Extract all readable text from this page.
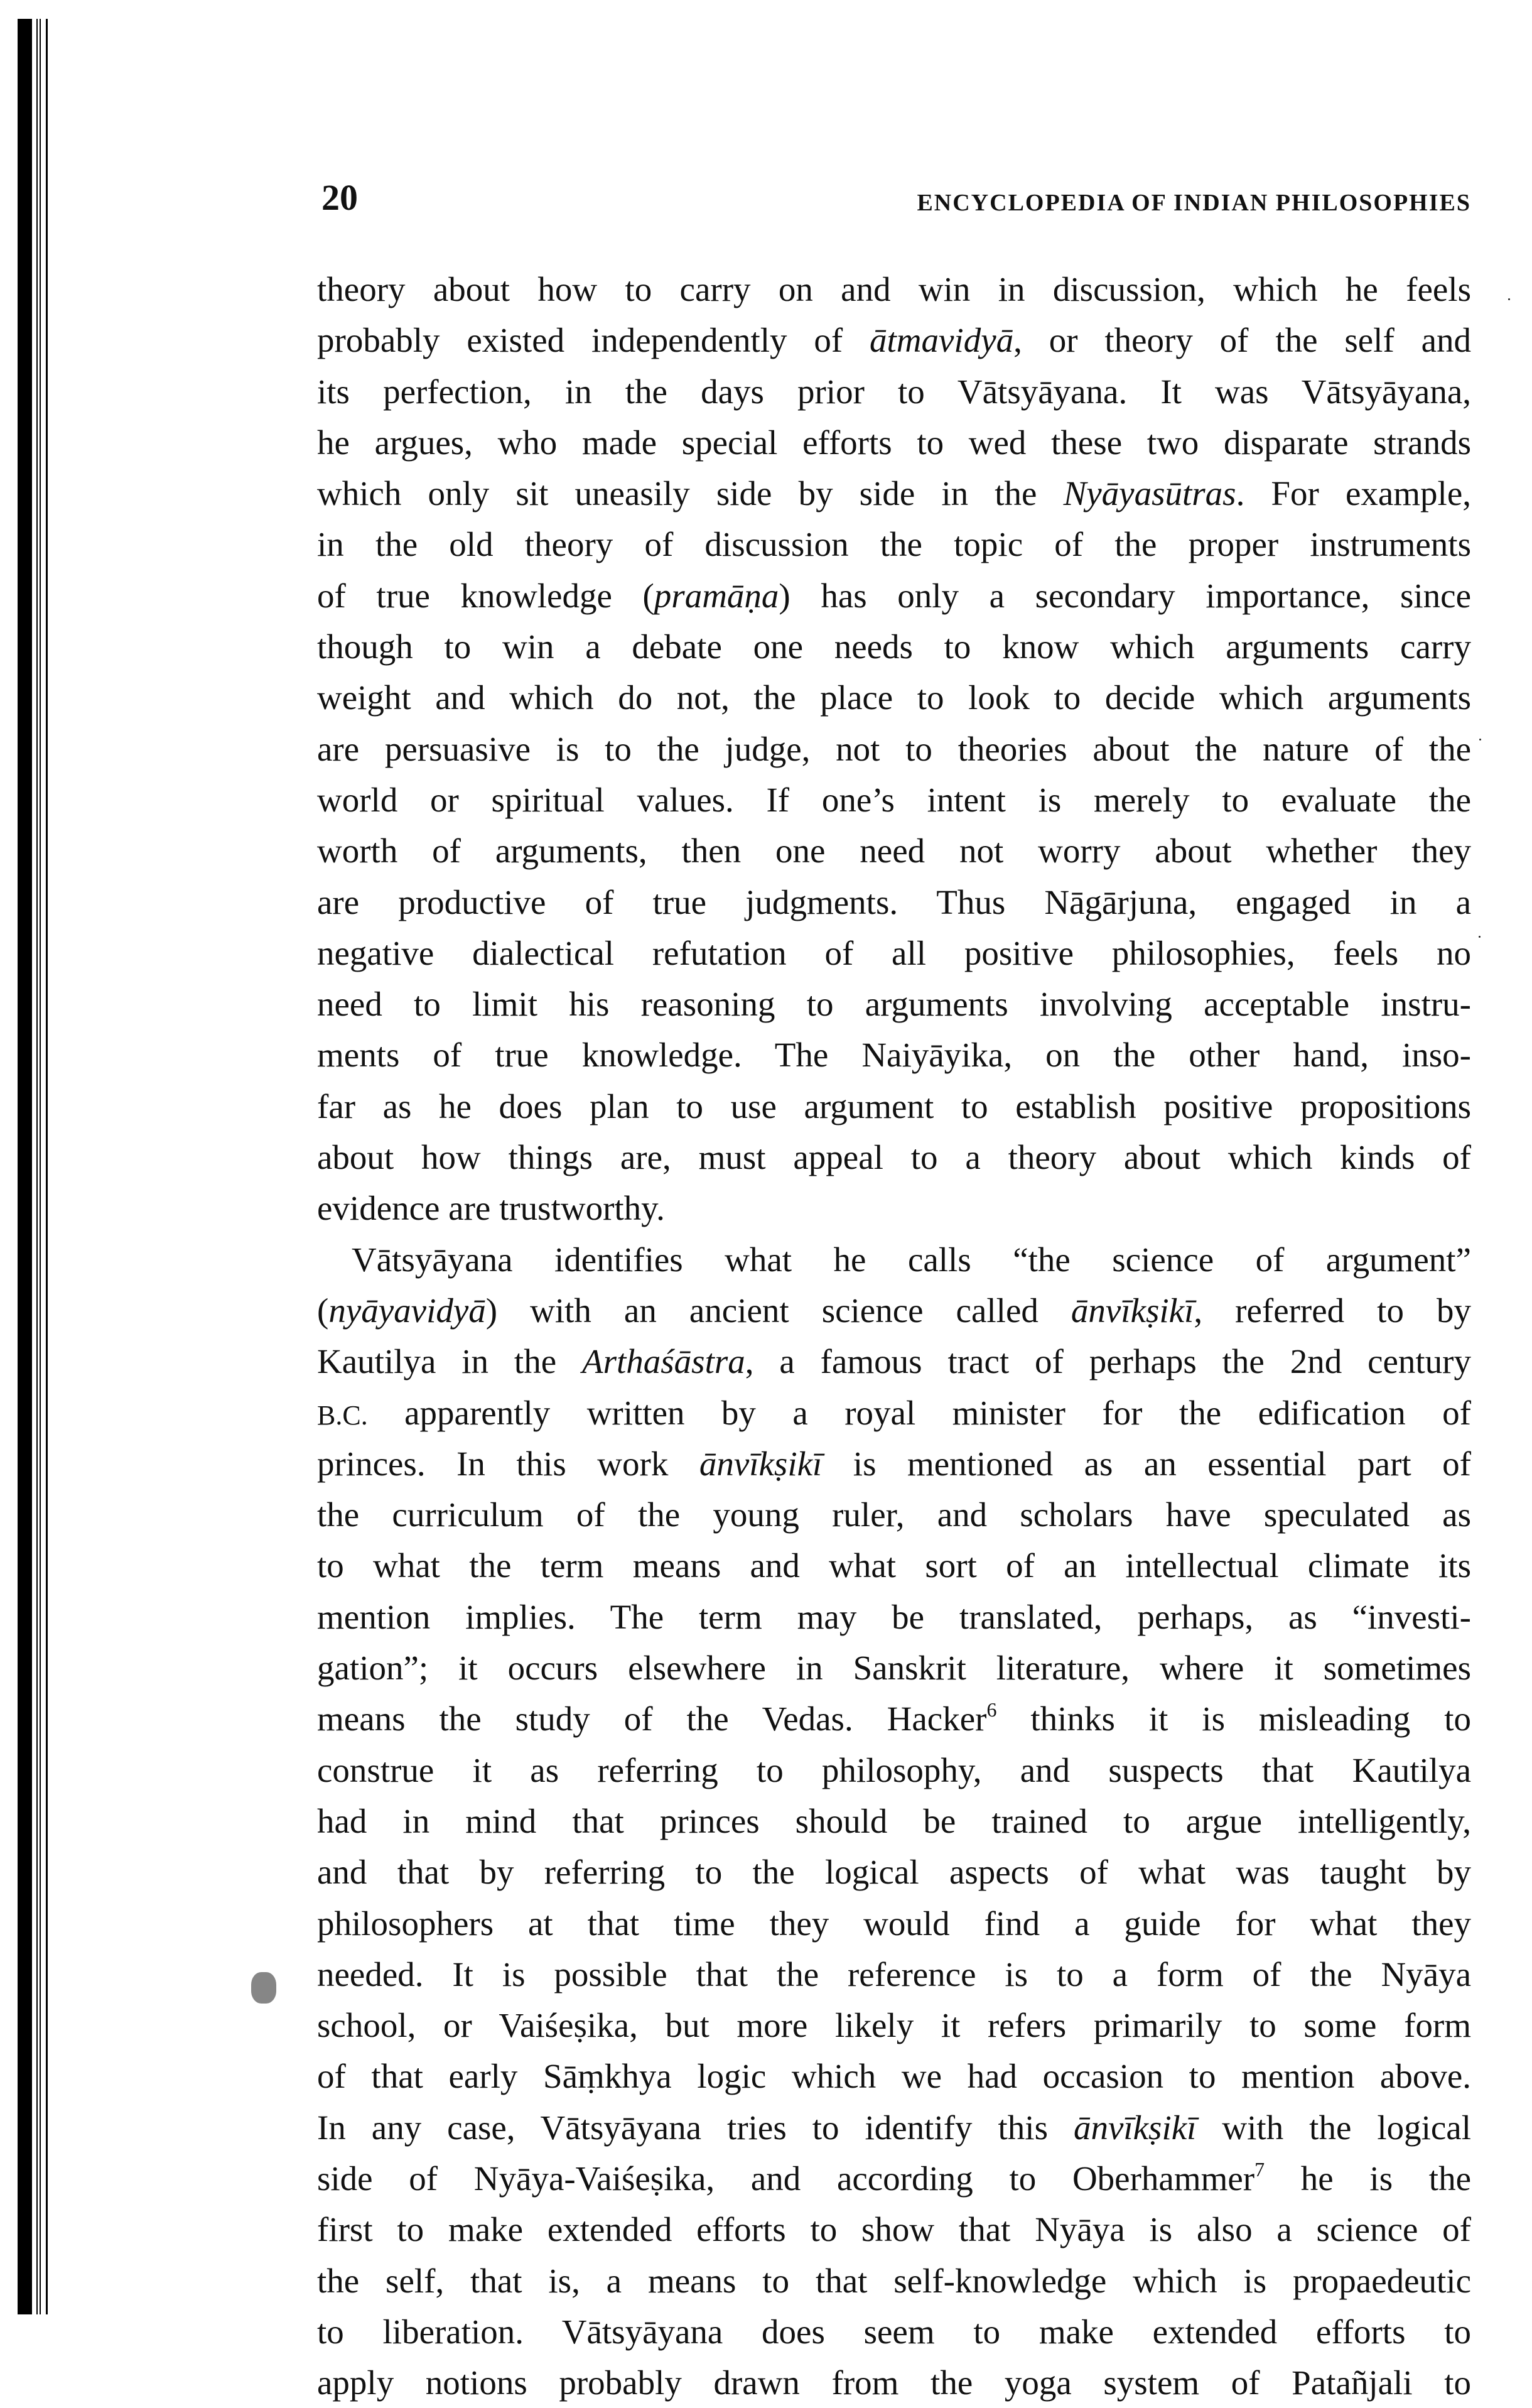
20	ENCYCLOPEDIA OF INDIAN PHILOSOPHIES

theory about how to carry on and win in discussion, which he feels
probably existed independently of ātmavidyā, or theory of the self and
its perfection, in the days prior to Vātsyāyana. It was Vātsyāyana,
he argues, who made special efforts to wed these two disparate strands
which only sit uneasily side by side in the Nyāyasūtras. For example,
in the old theory of discussion the topic of the proper instruments
of true knowledge (pramāṇa) has only a secondary importance, since
though to win a debate one needs to know which arguments carry
weight and which do not, the place to look to decide which arguments
are persuasive is to the judge, not to theories about the nature of the
world or spiritual values. If one’s intent is merely to evaluate the
worth of arguments, then one need not worry about whether they
are productive of true judgments. Thus Nāgārjuna, engaged in a
negative dialectical refutation of all positive philosophies, feels no
need to limit his reasoning to arguments involving acceptable instru-
ments of true knowledge. The Naiyāyika, on the other hand, inso-
far as he does plan to use argument to establish positive propositions
about how things are, must appeal to a theory about which kinds of
evidence are trustworthy.

Vātsyāyana identifies what he calls “the science of argument”
(nyāyavidyā) with an ancient science called ānvīkṣikī, referred to by
Kautilya in the Arthaśāstra, a famous tract of perhaps the 2nd century
B.C. apparently written by a royal minister for the edification of
princes. In this work ānvīkṣikī is mentioned as an essential part of
the curriculum of the young ruler, and scholars have speculated as
to what the term means and what sort of an intellectual climate its
mention implies. The term may be translated, perhaps, as “investi-
gation”; it occurs elsewhere in Sanskrit literature, where it sometimes
means the study of the Vedas. Hacker$^6$ thinks it is misleading to
construe it as referring to philosophy, and suspects that Kautilya
had in mind that princes should be trained to argue intelligently,
and that by referring to the logical aspects of what was taught by
philosophers at that time they would find a guide for what they
needed. It is possible that the reference is to a form of the Nyāya
school, or Vaiśeṣika, but more likely it refers primarily to some form
of that early Sāṃkhya logic which we had occasion to mention above.
In any case, Vātsyāyana tries to identify this ānvīkṣikī with the logical
side of Nyāya-Vaiśeṣika, and according to Oberhammer$^7$ he is the
first to make extended efforts to show that Nyāya is also a science of
the self, that is, a means to that self-knowledge which is propaedeutic
to liberation. Vātsyāyana does seem to make extended efforts to
apply notions probably drawn from the yoga system of Patañjali to
